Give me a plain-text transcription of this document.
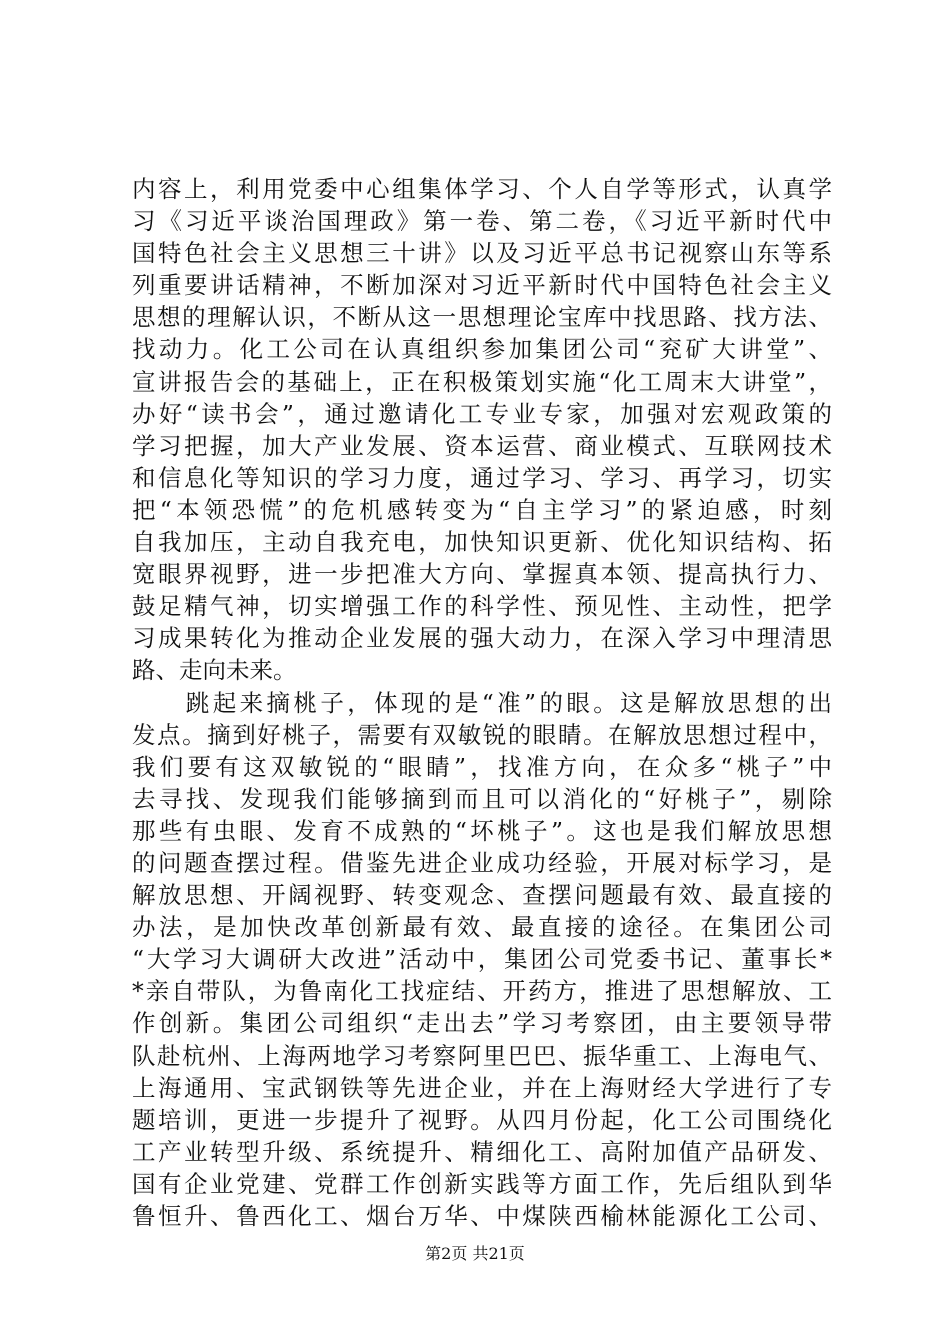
内容上，利用党委中心组集体学习、个人自学等形式，认真学
习《习近平谈治国理政》第一卷、第二卷，《习近平新时代中
国特色社会主义思想三十讲》以及习近平总书记视察山东等系
列重要讲话精神，不断加深对习近平新时代中国特色社会主义
思想的理解认识，不断从这一思想理论宝库中找思路、找方法、
找动力。化工公司在认真组织参加集团公司“兖矿大讲堂”、
宣讲报告会的基础上，正在积极策划实施“化工周末大讲堂”，
办好“读书会”，通过邀请化工专业专家，加强对宏观政策的
学习把握，加大产业发展、资本运营、商业模式、互联网技术
和信息化等知识的学习力度，通过学习、学习、再学习，切实
把“本领恐慌”的危机感转变为“自主学习”的紧迫感，时刻
自我加压，主动自我充电，加快知识更新、优化知识结构、拓
宽眼界视野，进一步把准大方向、掌握真本领、提高执行力、
鼓足精气神，切实增强工作的科学性、预见性、主动性，把学
习成果转化为推动企业发展的强大动力，在深入学习中理清思
路、走向未来。
　　跳起来摘桃子，体现的是“准”的眼。这是解放思想的出
发点。摘到好桃子，需要有双敏锐的眼睛。在解放思想过程中，
我们要有这双敏锐的“眼睛”，找准方向，在众多“桃子”中
去寻找、发现我们能够摘到而且可以消化的“好桃子”，剔除
那些有虫眼、发育不成熟的“坏桃子”。这也是我们解放思想
的问题查摆过程。借鉴先进企业成功经验，开展对标学习，是
解放思想、开阔视野、转变观念、查摆问题最有效、最直接的
办法，是加快改革创新最有效、最直接的途径。在集团公司
“大学习大调研大改进”活动中，集团公司党委书记、董事长*
*亲自带队，为鲁南化工找症结、开药方，推进了思想解放、工
作创新。集团公司组织“走出去”学习考察团，由主要领导带
队赴杭州、上海两地学习考察阿里巴巴、振华重工、上海电气、
上海通用、宝武钢铁等先进企业，并在上海财经大学进行了专
题培训，更进一步提升了视野。从四月份起，化工公司围绕化
工产业转型升级、系统提升、精细化工、高附加值产品研发、
国有企业党建、党群工作创新实践等方面工作，先后组队到华
鲁恒升、鲁西化工、烟台万华、中煤陕西榆林能源化工公司、
第2页 共21页
